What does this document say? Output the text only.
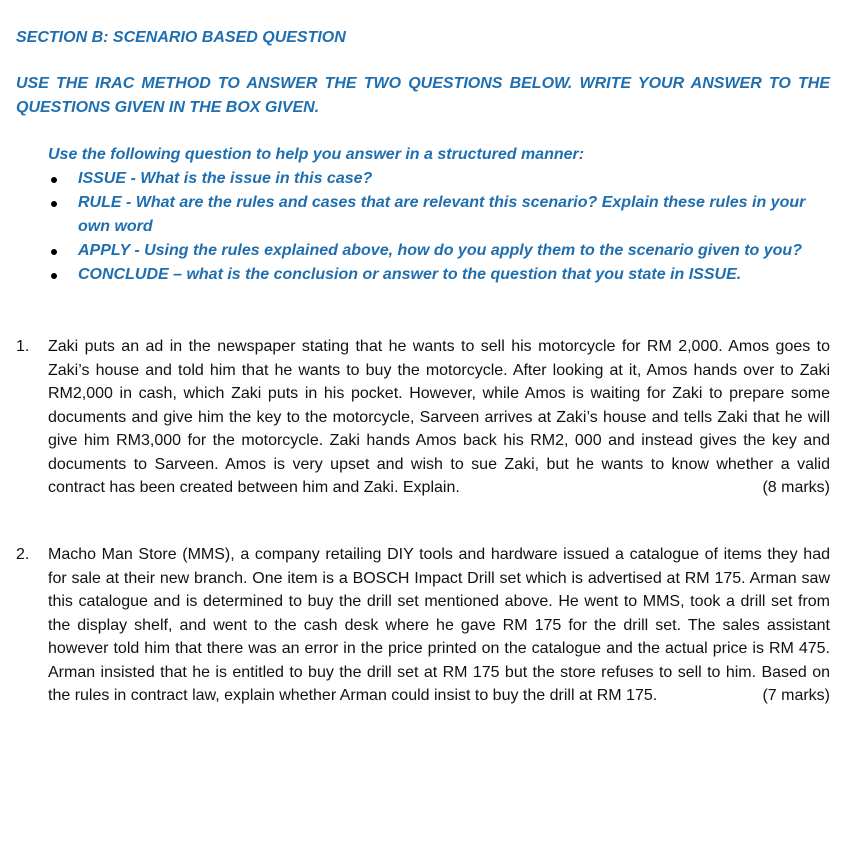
SECTION B: SCENARIO BASED QUESTION
USE THE IRAC METHOD TO ANSWER THE TWO QUESTIONS BELOW. WRITE YOUR ANSWER TO THE QUESTIONS GIVEN IN THE BOX GIVEN.
Use the following question to help you answer in a structured manner:
ISSUE - What is the issue in this case?
RULE - What are the rules and cases that are relevant this scenario? Explain these rules in your own word
APPLY - Using the rules explained above, how do you apply them to the scenario given to you?
CONCLUDE – what is the conclusion or answer to the question that you state in ISSUE.
1. Zaki puts an ad in the newspaper stating that he wants to sell his motorcycle for RM 2,000. Amos goes to Zaki’s house and told him that he wants to buy the motorcycle. After looking at it, Amos hands over to Zaki RM2,000 in cash, which Zaki puts in his pocket. However, while Amos is waiting for Zaki to prepare some documents and give him the key to the motorcycle, Sarveen arrives at Zaki’s house and tells Zaki that he will give him RM3,000 for the motorcycle. Zaki hands Amos back his RM2, 000 and instead gives the key and documents to Sarveen. Amos is very upset and wish to sue Zaki, but he wants to know whether a valid contract has been created between him and Zaki. Explain.	(8 marks)
2. Macho Man Store (MMS), a company retailing DIY tools and hardware issued a catalogue of items they had for sale at their new branch. One item is a BOSCH Impact Drill set which is advertised at RM 175. Arman saw this catalogue and is determined to buy the drill set mentioned above. He went to MMS, took a drill set from the display shelf, and went to the cash desk where he gave RM 175 for the drill set. The sales assistant however told him that there was an error in the price printed on the catalogue and the actual price is RM 475. Arman insisted that he is entitled to buy the drill set at RM 175 but the store refuses to sell to him. Based on the rules in contract law, explain whether Arman could insist to buy the drill at RM 175.	(7 marks)
